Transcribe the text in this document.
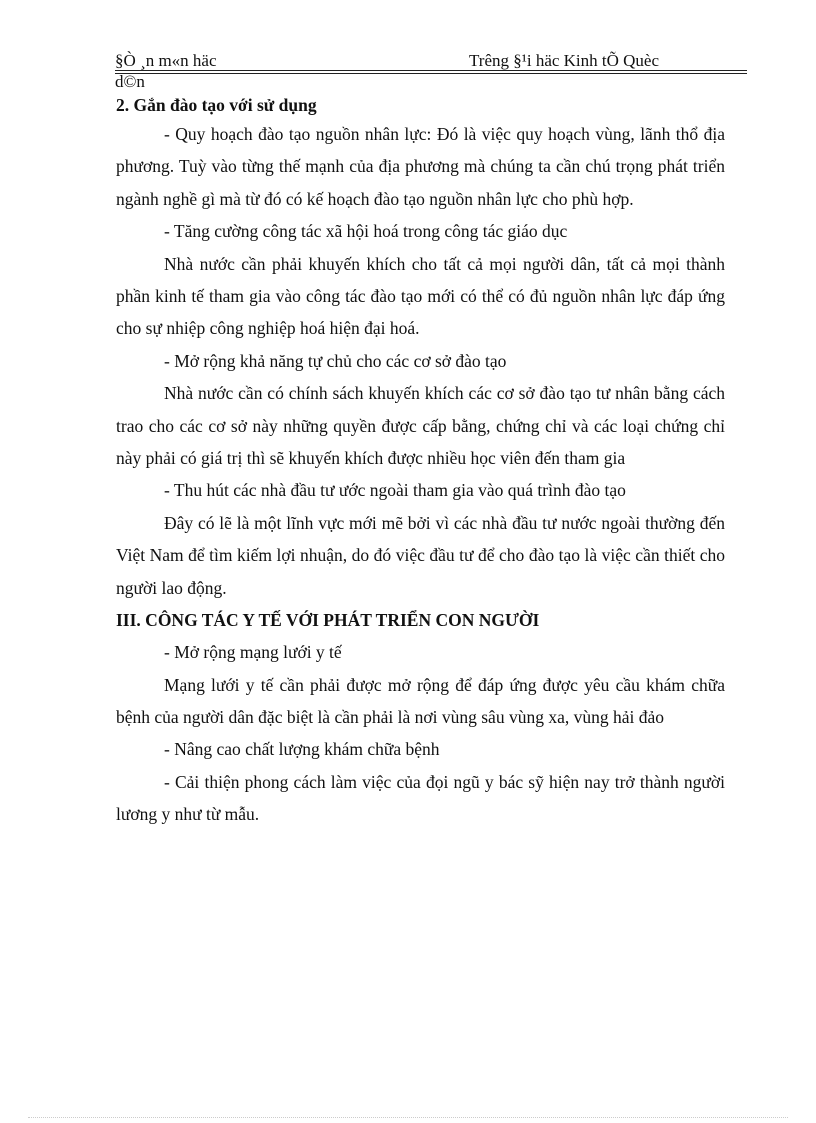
§Ò ¸n m«n häc	Trêng §¹i häc Kinh tÕ Quèc
d©n

2. Gắn đào tạo với sử dụng

- Quy hoạch đào tạo nguồn nhân lực: Đó là việc quy hoạch vùng, lãnh thổ địa phương. Tuỳ vào từng thế mạnh của địa phương mà chúng ta cần chú trọng phát triển ngành nghề gì mà từ đó có kế hoạch đào tạo nguồn nhân lực cho phù hợp.

- Tăng cường công tác xã hội hoá trong công tác giáo dục

Nhà nước cần phải khuyến khích cho tất cả mọi người dân, tất cả mọi thành phần kinh tế tham gia vào công tác đào tạo mới có thể có đủ nguồn nhân lực đáp ứng cho sự nhiệp công nghiệp hoá hiện đại hoá.

- Mở rộng khả năng tự chủ cho các cơ sở đào tạo

Nhà nước cần có chính sách khuyến khích các cơ sở đào tạo tư nhân bằng cách trao cho các cơ sở này những quyền được cấp bằng, chứng chỉ và các loại chứng chỉ này phải có giá trị thì sẽ khuyến khích được nhiều học viên đến tham gia

- Thu hút các nhà đầu tư ước ngoài tham gia vào quá trình đào tạo

Đây có lẽ là một lĩnh vực mới mẽ bởi vì các nhà đầu tư nước ngoài thường đến Việt Nam để tìm kiếm lợi nhuận, do đó việc đầu tư để cho đào tạo là việc cần thiết cho người lao động.

III. CÔNG TÁC Y TẾ VỚI PHÁT TRIỂN CON NGƯỜI

- Mở rộng mạng lưới y tế

Mạng lưới y tế cần phải được mở rộng để đáp ứng được yêu cầu khám chữa bệnh của người dân đặc biệt là cần phải là nơi vùng sâu vùng xa, vùng hải đảo

- Nâng cao chất lượng khám chữa bệnh

- Cải thiện phong cách làm việc của đọi ngũ y bác sỹ hiện nay trở thành người lương y như từ mẫu.
